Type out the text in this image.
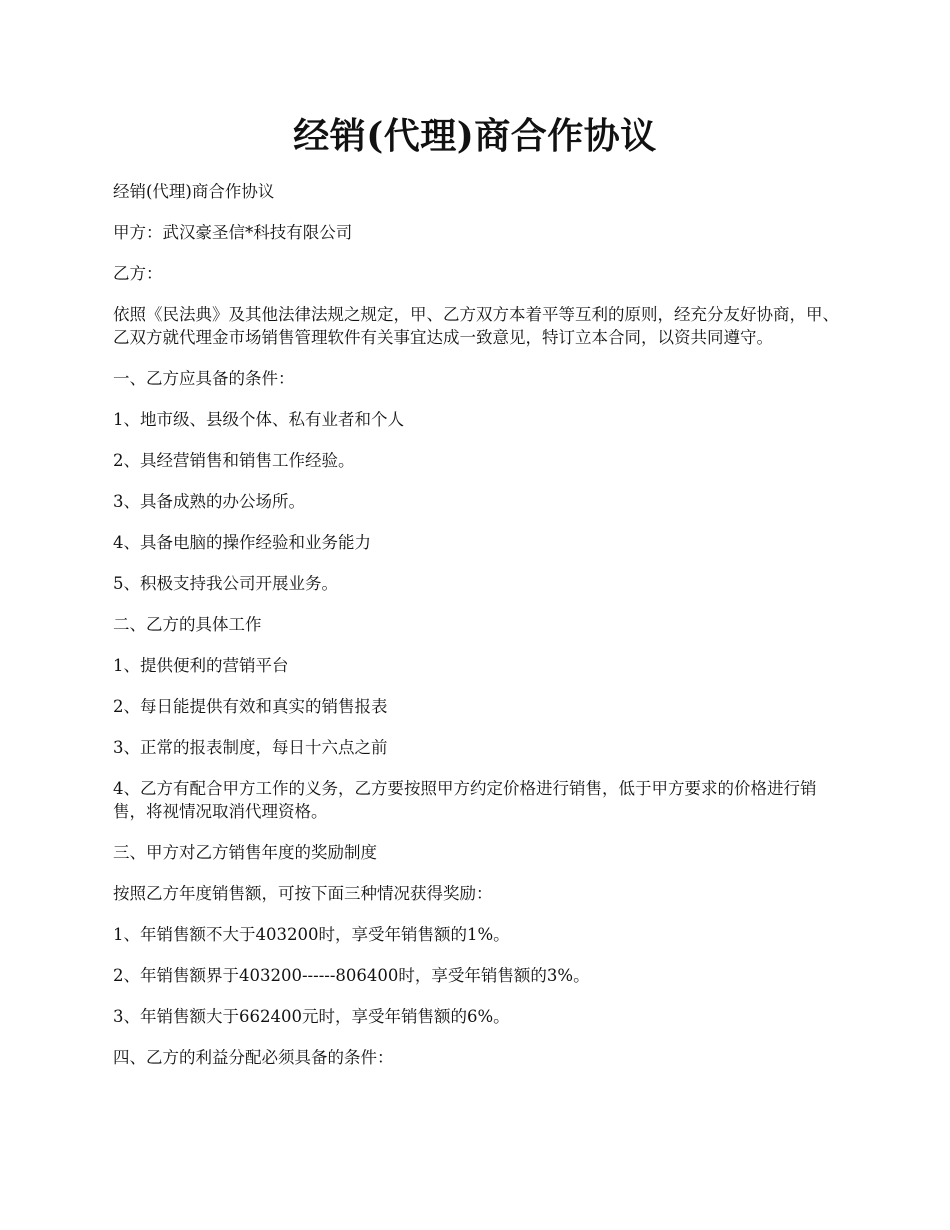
经销(代理)商合作协议

经销(代理)商合作协议

甲方：武汉豪圣信*科技有限公司

乙方：

依照《民法典》及其他法律法规之规定，甲、乙方双方本着平等互利的原则，经充分友好协商，甲、乙双方就代理金市场销售管理软件有关事宜达成一致意见，特订立本合同，以资共同遵守。

一、乙方应具备的条件：

1、地市级、县级个体、私有业者和个人

2、具经营销售和销售工作经验。

3、具备成熟的办公场所。

4、具备电脑的操作经验和业务能力

5、积极支持我公司开展业务。

二、乙方的具体工作

1、提供便利的营销平台

2、每日能提供有效和真实的销售报表

3、正常的报表制度，每日十六点之前

4、乙方有配合甲方工作的义务，乙方要按照甲方约定价格进行销售，低于甲方要求的价格进行销售，将视情况取消代理资格。

三、甲方对乙方销售年度的奖励制度

按照乙方年度销售额，可按下面三种情况获得奖励：

1、年销售额不大于403200时，享受年销售额的1%。

2、年销售额界于403200------806400时，享受年销售额的3%。

3、年销售额大于662400元时，享受年销售额的6%。

四、乙方的利益分配必须具备的条件：
